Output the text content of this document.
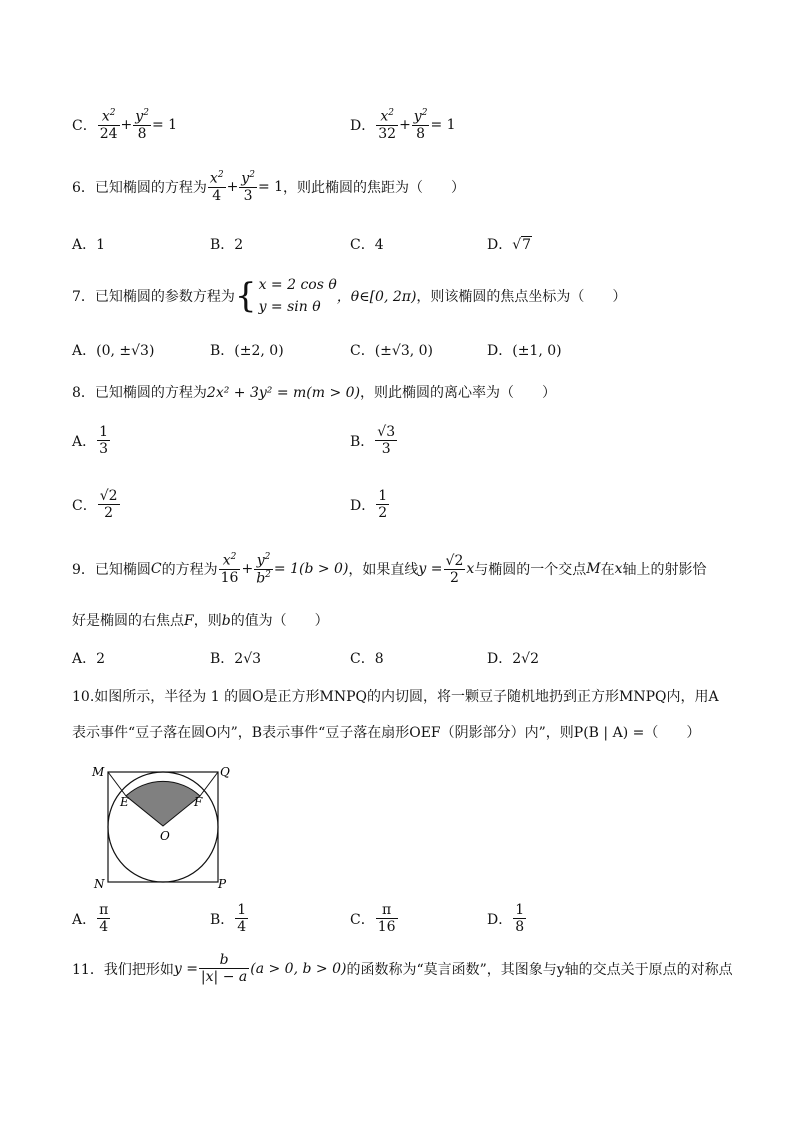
C． $\frac{x^2}{24} + \frac{y^2}{8} = 1$	D． $\frac{x^2}{32} + \frac{y^2}{8} = 1$
6．已知椭圆的方程为 $\frac{x^2}{4} + \frac{y^2}{3} = 1$ ，则此椭圆的焦距为（　　）
A．1	B．2	C．4	D．√7
7．已知椭圆的参数方程为 { x = 2 cos θ
y = sin θ
，θ∈[0, 2π) ，则该椭圆的焦点坐标为（　　）
A．(0, ±√3)	B．(±2, 0)	C．(±√3, 0)	D．(±1, 0)
8．已知椭圆的方程为2x² + 3y² = m(m > 0)，则此椭圆的离心率为（　　）
A． $\frac{1}{3}$	B． $\frac{√3}{3}$
C． $\frac{√2}{2}$	D． $\frac{1}{2}$
9．已知椭圆 C 的方程为 $\frac{x^2}{16} + \frac{y^2}{b^2} = 1(b > 0)$ ，如果直线 $y = \frac{√2}{2}$ x 与椭圆的一个交点 M 在 x 轴上的射影恰
好是椭圆的右焦点F，则b的值为（　　）
A．2	B．2√3	C．8	D．2√2
10.如图所示，半径为 1 的圆O是正方形MNPQ的内切圆，将一颗豆子随机地扔到正方形MNPQ内，用A
表示事件“豆子落在圆O内”，B表示事件“豆子落在扇形OEF（阴影部分）内”，则P(B | A) =（　　）
M	Q
E	F
O
N	P
A． $\frac{\pi}{4}$	B． $\frac{1}{4}$	C． $\frac{\pi}{16}$	D． $\frac{1}{8}$
11．我们把形如 $y = \frac{b}{|x| - a} (a > 0$, b > 0) 的函数称为“莫言函数”，其图象与y轴的交点关于原点的对称点
